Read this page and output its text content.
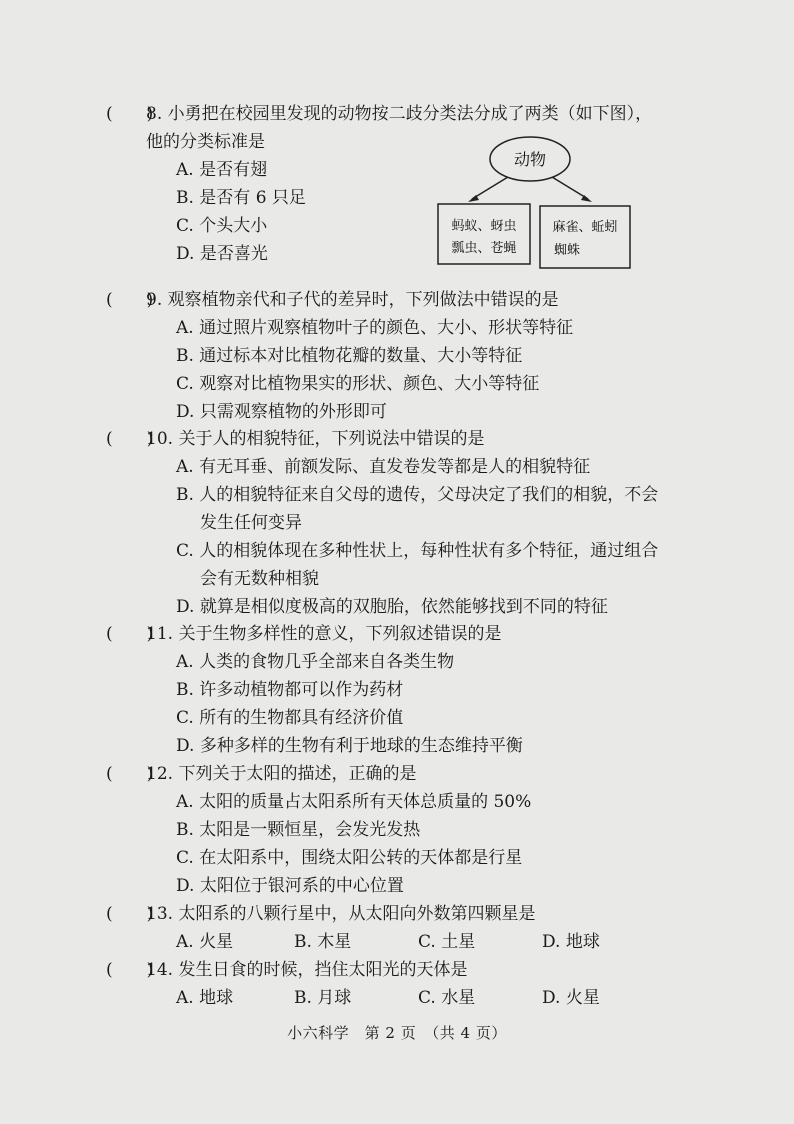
(　　)
8. 小勇把在校园里发现的动物按二歧分类法分成了两类（如下图），
他的分类标准是
A. 是否有翅
B. 是否有 6 只足
C. 个头大小
D. 是否喜光
动物
蚂蚁、蚜虫
瓢虫、苍蝇
麻雀、蚯蚓
蜘蛛
(　　)
9. 观察植物亲代和子代的差异时，下列做法中错误的是
A. 通过照片观察植物叶子的颜色、大小、形状等特征
B. 通过标本对比植物花瓣的数量、大小等特征
C. 观察对比植物果实的形状、颜色、大小等特征
D. 只需观察植物的外形即可
(　　)
10. 关于人的相貌特征，下列说法中错误的是
A. 有无耳垂、前额发际、直发卷发等都是人的相貌特征
B. 人的相貌特征来自父母的遗传，父母决定了我们的相貌，不会
发生任何变异
C. 人的相貌体现在多种性状上，每种性状有多个特征，通过组合
会有无数种相貌
D. 就算是相似度极高的双胞胎，依然能够找到不同的特征
(　　)
11. 关于生物多样性的意义，下列叙述错误的是
A. 人类的食物几乎全部来自各类生物
B. 许多动植物都可以作为药材
C. 所有的生物都具有经济价值
D. 多种多样的生物有利于地球的生态维持平衡
(　　)
12. 下列关于太阳的描述，正确的是
A. 太阳的质量占太阳系所有天体总质量的 50%
B. 太阳是一颗恒星，会发光发热
C. 在太阳系中，围绕太阳公转的天体都是行星
D. 太阳位于银河系的中心位置
(　　)
13. 太阳系的八颗行星中，从太阳向外数第四颗星是
A. 火星	B. 木星	C. 土星	D. 地球
(　　)
14. 发生日食的时候，挡住太阳光的天体是
A. 地球	B. 月球	C. 水星	D. 火星
小六科学　第 2 页　（共 4 页）
